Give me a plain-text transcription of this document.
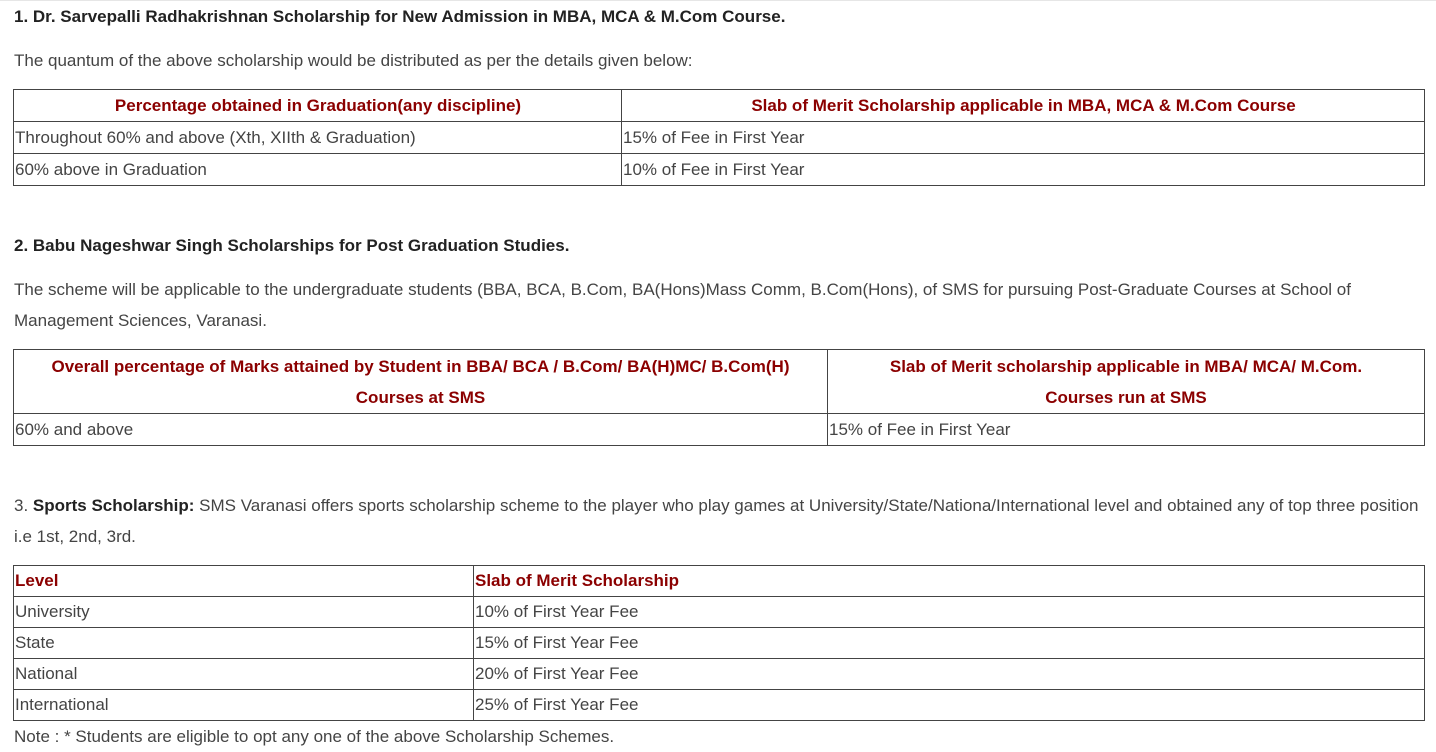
1. Dr. Sarvepalli Radhakrishnan Scholarship for New Admission in MBA, MCA & M.Com Course.
The quantum of the above scholarship would be distributed as per the details given below:
Percentage obtained in Graduation(any discipline)	Slab of Merit Scholarship applicable in MBA, MCA & M.Com Course
Throughout 60% and above (Xth, XIIth & Graduation)	15% of Fee in First Year
60% above in Graduation	10% of Fee in First Year
2. Babu Nageshwar Singh Scholarships for Post Graduation Studies.
The scheme will be applicable to the undergraduate students (BBA, BCA, B.Com, BA(Hons)Mass Comm, B.Com(Hons), of SMS for pursuing Post-Graduate Courses at School of Management Sciences, Varanasi.
Overall percentage of Marks attained by Student in BBA/ BCA / B.Com/ BA(H)MC/ B.Com(H) Courses at SMS	Slab of Merit scholarship applicable in MBA/ MCA/ M.Com. Courses run at SMS
60% and above	15% of Fee in First Year
3. Sports Scholarship: SMS Varanasi offers sports scholarship scheme to the player who play games at University/State/Nationa/International level and obtained any of top three position i.e 1st, 2nd, 3rd.
Level	Slab of Merit Scholarship
University	10% of First Year Fee
State	15% of First Year Fee
National	20% of First Year Fee
International	25% of First Year Fee
Note : * Students are eligible to opt any one of the above Scholarship Schemes.
